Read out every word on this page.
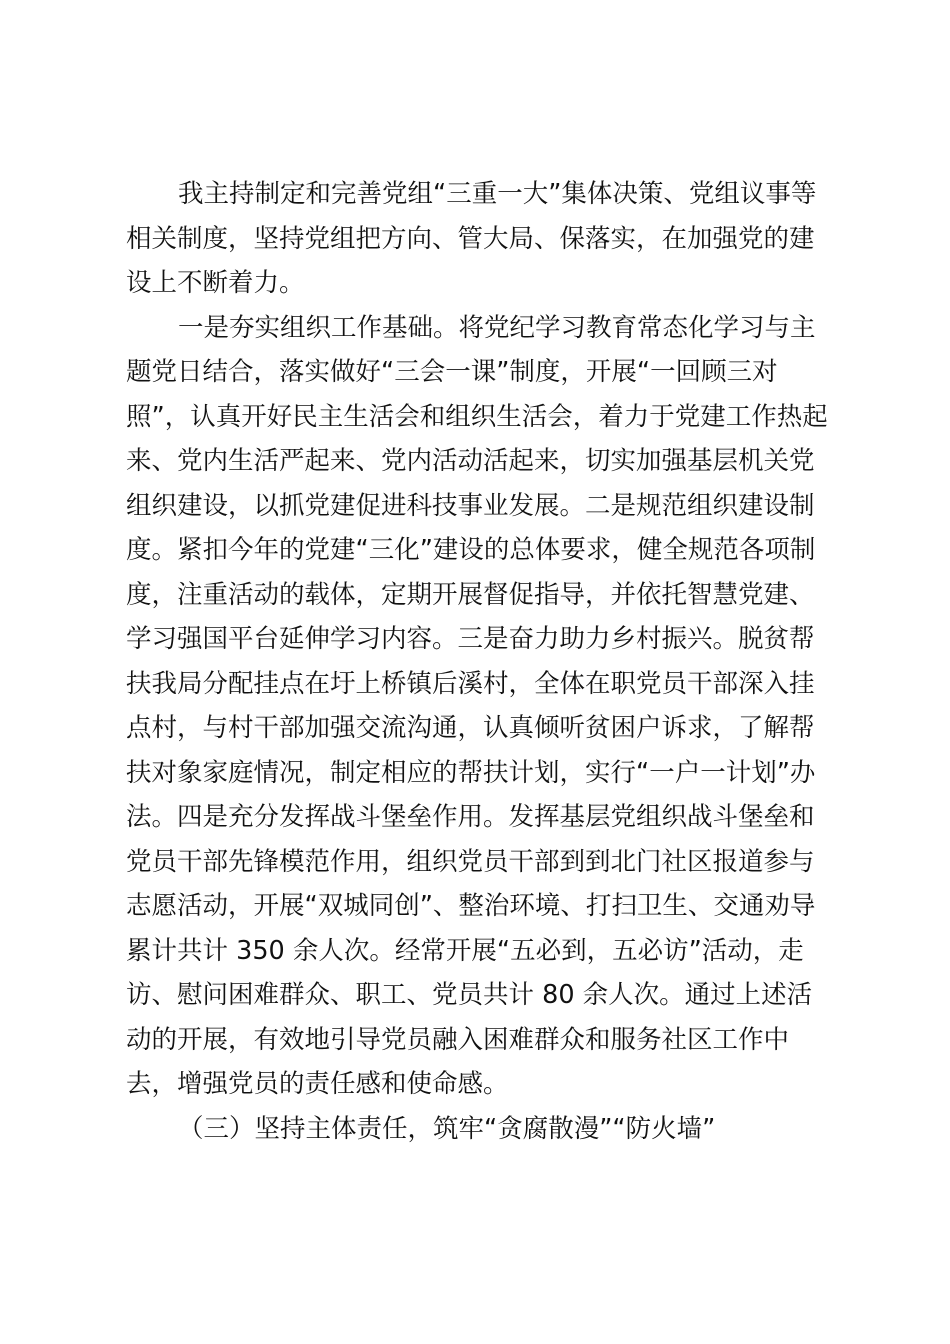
我主持制定和完善党组“三重一大”集体决策、党组议事等
相关制度，坚持党组把方向、管大局、保落实，在加强党的建
设上不断着力。
一是夯实组织工作基础。将党纪学习教育常态化学习与主
题党日结合，落实做好“三会一课”制度，开展“一回顾三对
照”，认真开好民主生活会和组织生活会，着力于党建工作热起
来、党内生活严起来、党内活动活起来，切实加强基层机关党
组织建设，以抓党建促进科技事业发展。二是规范组织建设制
度。紧扣今年的党建“三化”建设的总体要求，健全规范各项制
度，注重活动的载体，定期开展督促指导，并依托智慧党建、
学习强国平台延伸学习内容。三是奋力助力乡村振兴。脱贫帮
扶我局分配挂点在圩上桥镇后溪村，全体在职党员干部深入挂
点村，与村干部加强交流沟通，认真倾听贫困户诉求，了解帮
扶对象家庭情况，制定相应的帮扶计划，实行“一户一计划”办
法。四是充分发挥战斗堡垒作用。发挥基层党组织战斗堡垒和
党员干部先锋模范作用，组织党员干部到到北门社区报道参与
志愿活动，开展“双城同创”、整治环境、打扫卫生、交通劝导
累计共计 350 余人次。经常开展“五必到，五必访”活动，走
访、慰问困难群众、职工、党员共计 80 余人次。通过上述活
动的开展，有效地引导党员融入困难群众和服务社区工作中
去，增强党员的责任感和使命感。
（三）坚持主体责任，筑牢“贪腐散漫”“防火墙”
